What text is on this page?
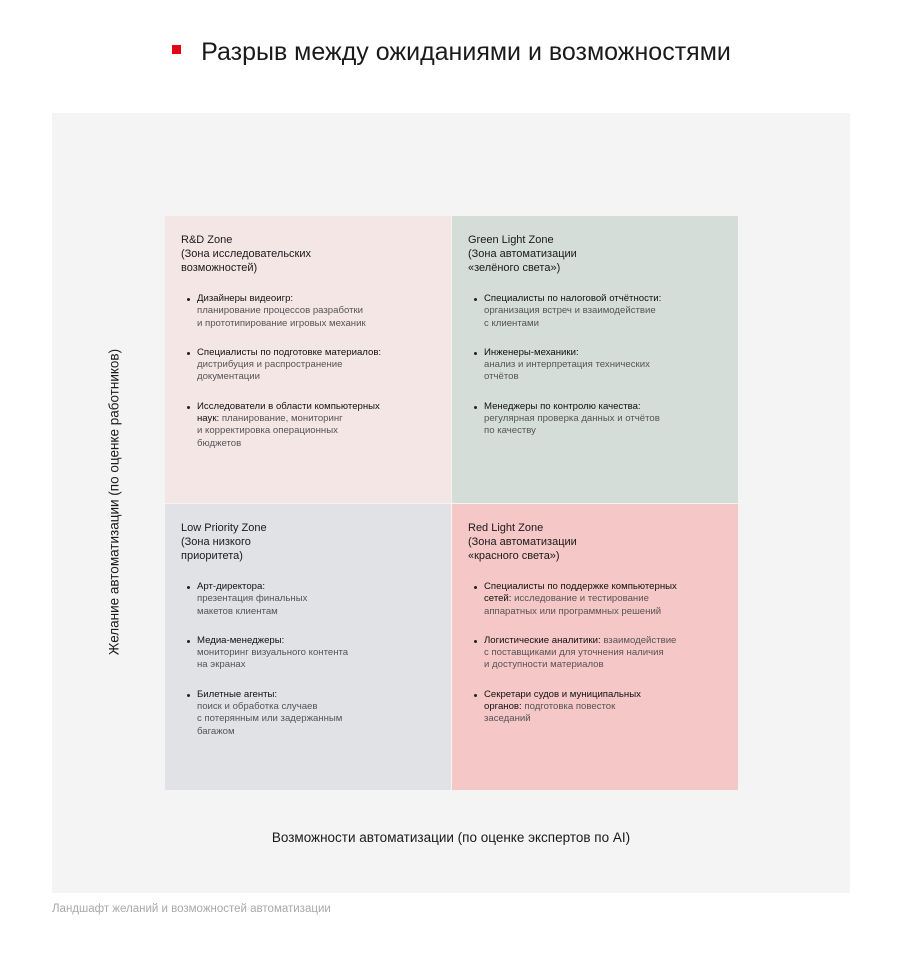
Разрыв между ожиданиями и возможностями
Желание автоматизации (по оценке работников)
R&D Zone
(Зона исследовательских
возможностей)
Дизайнеры видеоигр:
планирование процессов разработки
и прототипирование игровых механик
Специалисты по подготовке материалов:
дистрибуция и распространение
документации
Исследователи в области компьютерных
наук: планирование, мониторинг
и корректировка операционных
бюджетов
Green Light Zone
(Зона автоматизации
«зелёного света»)
Специалисты по налоговой отчётности:
организация встреч и взаимодействие
с клиентами
Инженеры-механики:
анализ и интерпретация технических
отчётов
Менеджеры по контролю качества:
регулярная проверка данных и отчётов
по качеству
Low Priority Zone
(Зона низкого
приоритета)
Арт-директора:
презентация финальных
макетов клиентам
Медиа-менеджеры:
мониторинг визуального контента
на экранах
Билетные агенты:
поиск и обработка случаев
с потерянным или задержанным
багажом
Red Light Zone
(Зона автоматизации
«красного света»)
Специалисты по поддержке компьютерных
сетей: исследование и тестирование
аппаратных или программных решений
Логистические аналитики: взаимодействие
с поставщиками для уточнения наличия
и доступности материалов
Секретари судов и муниципальных
органов: подготовка повесток
заседаний
Возможности автоматизации (по оценке экспертов по AI)
Ландшафт желаний и возможностей автоматизации
